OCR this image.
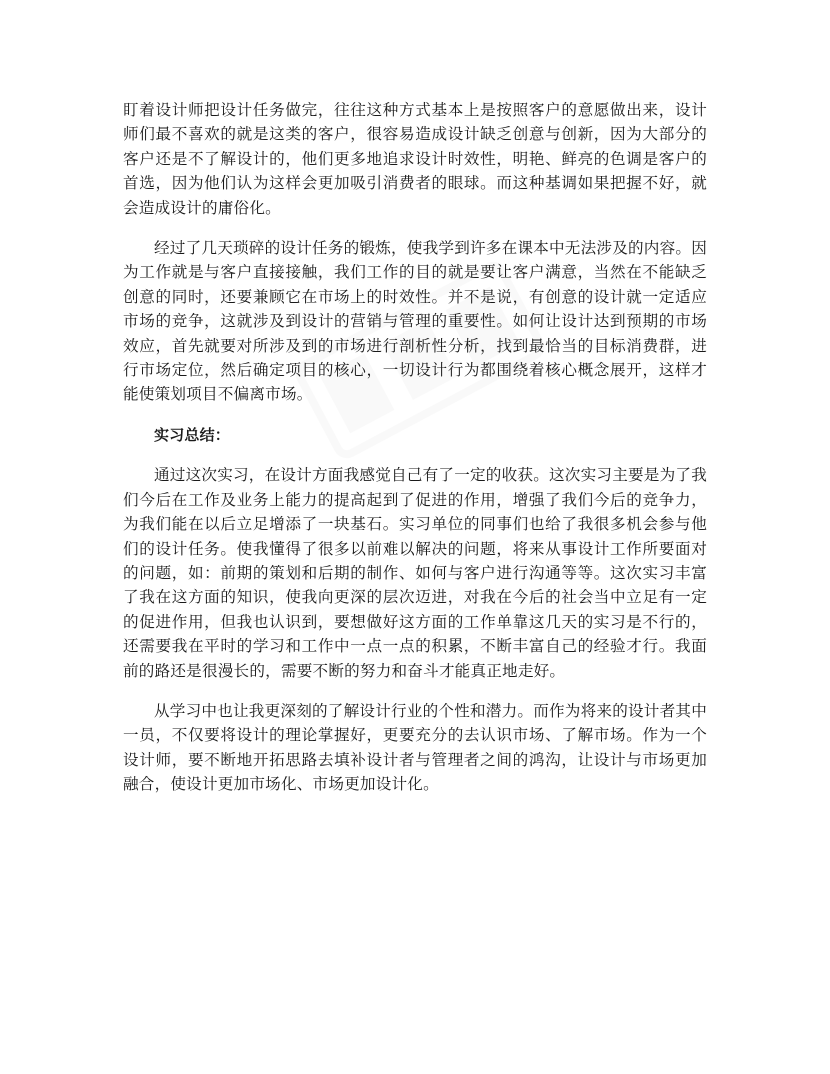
盯着设计师把设计任务做完，往往这种方式基本上是按照客户的意愿做出来，设计师们最不喜欢的就是这类的客户，很容易造成设计缺乏创意与创新，因为大部分的客户还是不了解设计的，他们更多地追求设计时效性，明艳、鲜亮的色调是客户的首选，因为他们认为这样会更加吸引消费者的眼球。而这种基调如果把握不好，就会造成设计的庸俗化。

经过了几天琐碎的设计任务的锻炼，使我学到许多在课本中无法涉及的内容。因为工作就是与客户直接接触，我们工作的目的就是要让客户满意，当然在不能缺乏创意的同时，还要兼顾它在市场上的时效性。并不是说，有创意的设计就一定适应市场的竞争，这就涉及到设计的营销与管理的重要性。如何让设计达到预期的市场效应，首先就要对所涉及到的市场进行剖析性分析，找到最恰当的目标消费群，进行市场定位，然后确定项目的核心，一切设计行为都围绕着核心概念展开，这样才能使策划项目不偏离市场。

实习总结：

通过这次实习，在设计方面我感觉自己有了一定的收获。这次实习主要是为了我们今后在工作及业务上能力的提高起到了促进的作用，增强了我们今后的竞争力，为我们能在以后立足增添了一块基石。实习单位的同事们也给了我很多机会参与他们的设计任务。使我懂得了很多以前难以解决的问题，将来从事设计工作所要面对的问题，如：前期的策划和后期的制作、如何与客户进行沟通等等。这次实习丰富了我在这方面的知识，使我向更深的层次迈进，对我在今后的社会当中立足有一定的促进作用，但我也认识到，要想做好这方面的工作单靠这几天的实习是不行的，还需要我在平时的学习和工作中一点一点的积累，不断丰富自己的经验才行。我面前的路还是很漫长的，需要不断的努力和奋斗才能真正地走好。

从学习中也让我更深刻的了解设计行业的个性和潜力。而作为将来的设计者其中一员，不仅要将设计的理论掌握好，更要充分的去认识市场、了解市场。作为一个设计师，要不断地开拓思路去填补设计者与管理者之间的鸿沟，让设计与市场更加融合，使设计更加市场化、市场更加设计化。
